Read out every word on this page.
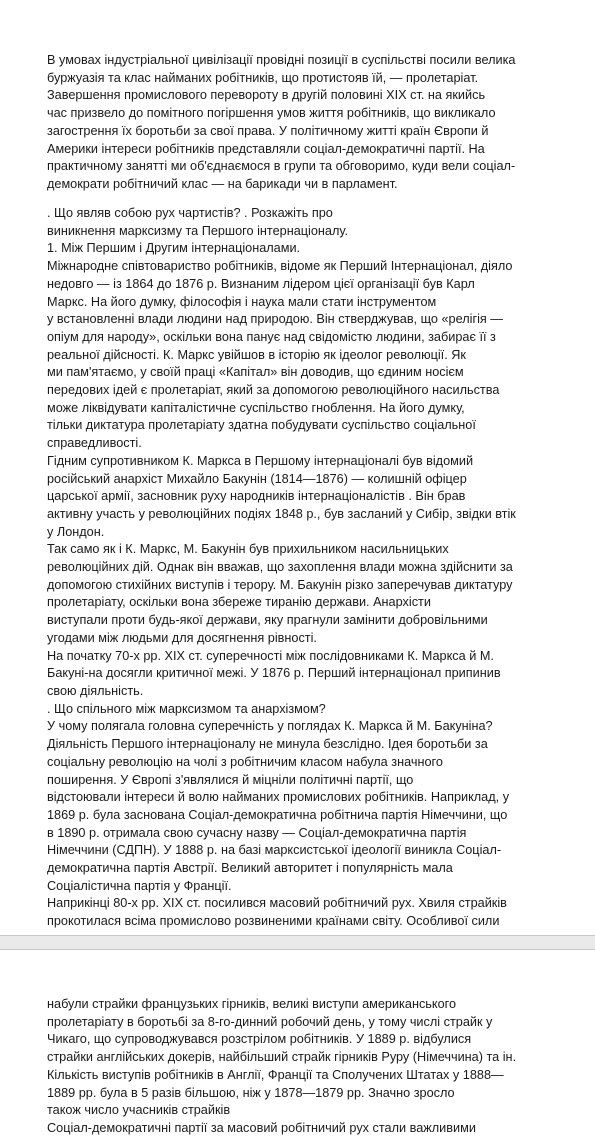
В умовах індустріальної цивілізації провідні позиції в суспільстві посили велика
буржуазія та клас найманих робітників, що протистояв їй, — пролетаріат.
Завершення промислового перевороту в другій половині XIX ст. на якийсь
час призвело до помітного погіршення умов життя робітників, що викликало
загострення їх боротьби за свої права. У політичному житті країн Європи й
Америки інтереси робітників представляли соціал-демократичні партії. На
практичному занятті ми об'єднаємося в групи та обговоримо, куди вели соціал-
демократи робітничий клас — на барикади чи в парламент.

. Що являв собою рух чартистів? . Розкажіть про
виникнення марксизму та Першого інтернаціоналу.
1. Між Першим і Другим інтернаціоналами.
Міжнародне співтовариство робітників, відоме як Перший Інтернаціонал, діяло
недовго — із 1864 до 1876 р. Визнаним лідером цієї організації був Карл
Маркс. На його думку, філософія і наука мали стати інструментом
у встановленні влади людини над природою. Він стверджував, що «релігія —
опіум для народу», оскільки вона панує над свідомістю людини, забирає її з
реальної дійсності. К. Маркс увійшов в історію як ідеолог революції. Як
ми пам'ятаємо, у своїй праці «Капітал» він доводив, що єдиним носієм
передових ідей є пролетаріат, який за допомогою революційного насильства
може ліквідувати капіталістичне суспільство гноблення. На його думку,
тільки диктатура пролетаріату здатна побудувати суспільство соціальної
справедливості.
Гідним супротивником К. Маркса в Першому інтернаціоналі був відомий
російський анархіст Михайло Бакунін (1814—1876) — колишній офіцер
царської армії, засновник руху народників інтернаціоналістів . Він брав
активну участь у революційних подіях 1848 р., був засланий у Сибір, звідки втік
у Лондон.
Так само як і К. Маркс, М. Бакунін був прихильником насильницьких
революційних дій. Однак він вважав, що захоплення влади можна здійснити за
допомогою стихійних виступів і терору. М. Бакунін різко заперечував диктатуру
пролетаріату, оскільки вона збереже тиранію держави. Анархісти
виступали проти будь-якої держави, яку прагнули замінити добровільними
угодами між людьми для досягнення рівності.
На початку 70-х рр. XIX ст. суперечності між послідовниками К. Маркса й М.
Бакуні-на досягли критичної межі. У 1876 р. Перший інтернаціонал припинив
свою діяльність.
. Що спільного між марксизмом та анархізмом?
У чому полягала головна суперечність у поглядах К. Маркса й М. Бакуніна?
Діяльність Першого інтернаціоналу не минула безслідно. Ідея боротьби за
соціальну революцію на чолі з робітничим класом набула значного
поширення. У Європі з'являлися й міцніли політичні партії, що
відстоювали інтереси й волю найманих промислових робітників. Наприклад, у
1869 р. була заснована Соціал-демократична робітнича партія Німеччини, що
в 1890 р. отримала свою сучасну назву — Соціал-демократична партія
Німеччини (СДПН). У 1888 р. на базі марксистської ідеології виникла Соціал-
демократична партія Австрії. Великий авторитет і популярність мала
Соціалістична партія у Франції.
Наприкінці 80-х рр. XIX ст. посилився масовий робітничий рух. Хвиля страйків
прокотилася всіма промислово розвиненими країнами світу. Особливої сили

набули страйки французьких гірників, великі виступи американського
пролетаріату в боротьбі за 8-го-динний робочий день, у тому числі страйк у
Чикаго, що супроводжувався розстрілом робітників. У 1889 р. відбулися
страйки англійських докерів, найбільший страйк гірників Руру (Німеччина) та ін.
Кількість виступів робітників в Англії, Франції та Сполучених Штатах у 1888—
1889 рр. була в 5 разів більшою, ніж у 1878—1879 рр. Значно зросло
також число учасників страйків
Соціал-демократичні партії за масовий робітничий рух стали важливими
